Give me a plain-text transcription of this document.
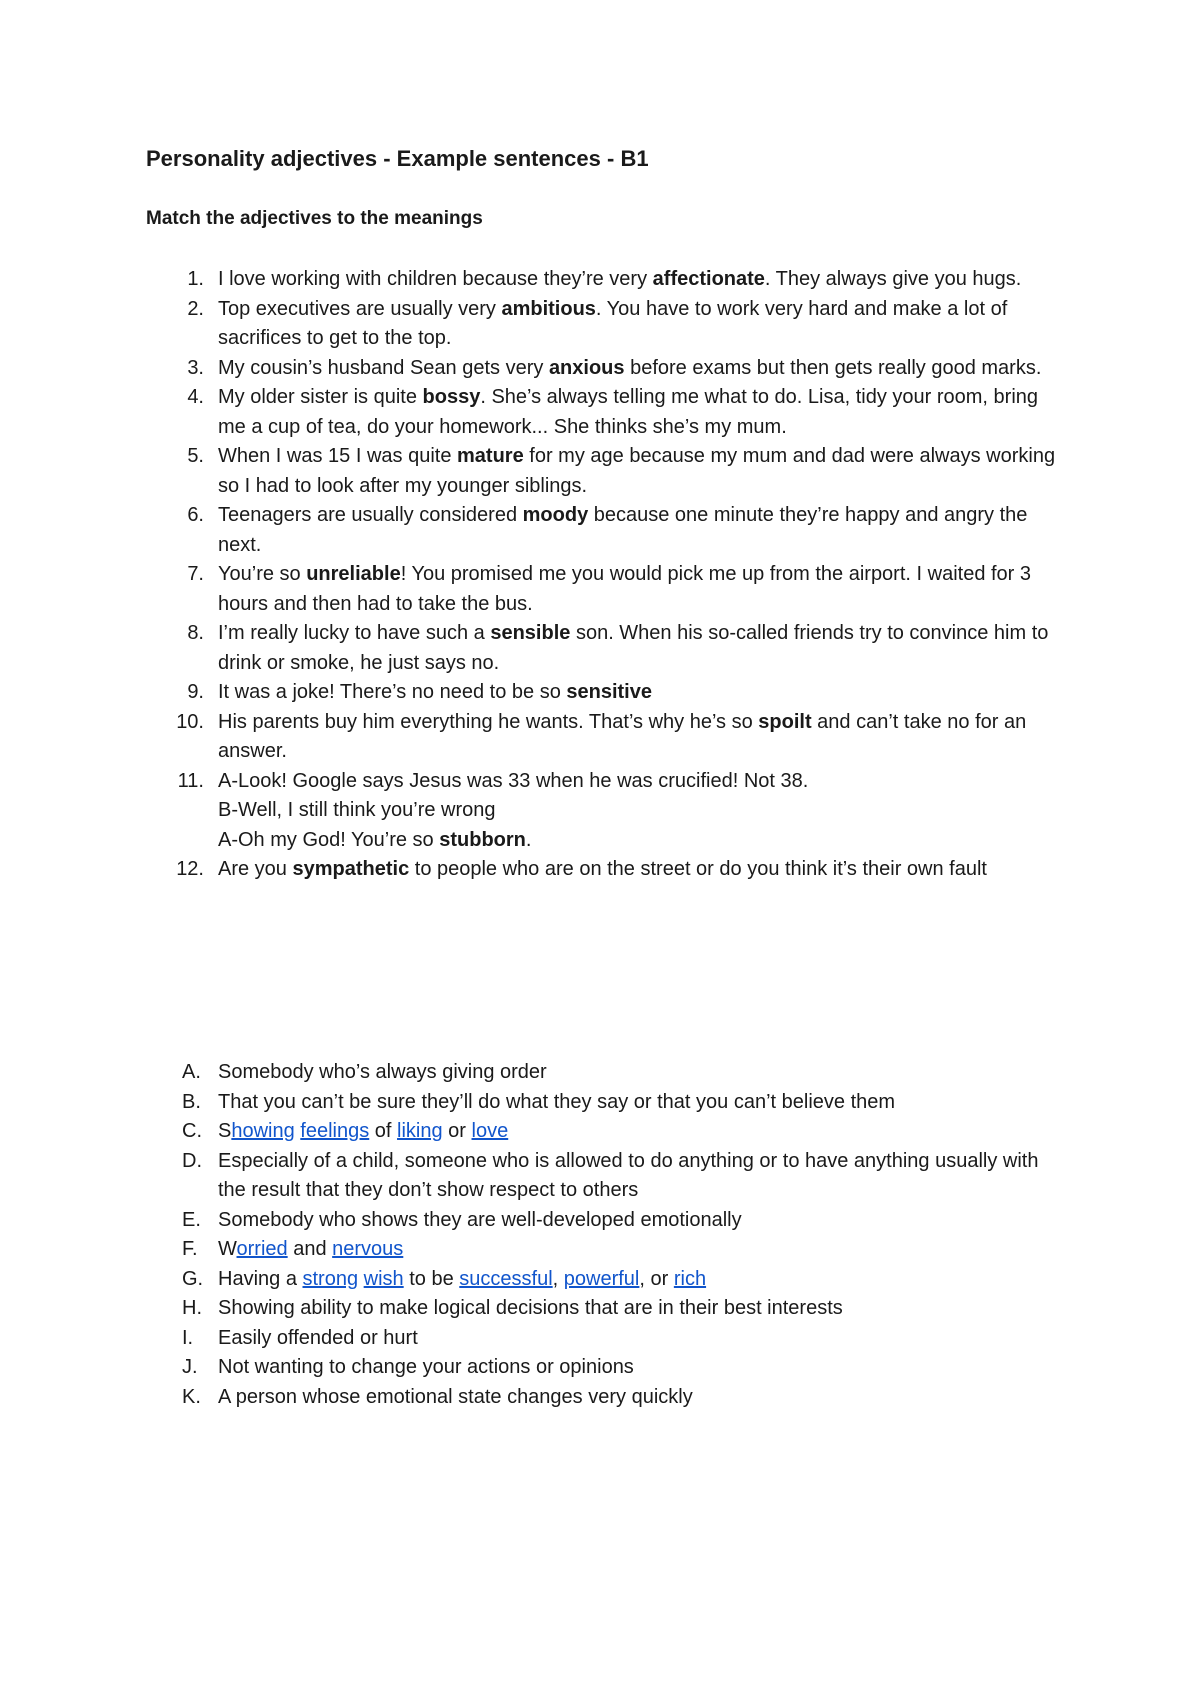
Personality adjectives - Example sentences - B1
Match the adjectives to the meanings
1. I love working with children because they’re very affectionate. They always give you hugs.
2. Top executives are usually very ambitious. You have to work very hard and make a lot of sacrifices to get to the top.
3. My cousin’s husband Sean gets very anxious before exams but then gets really good marks.
4. My older sister is quite bossy. She’s always telling me what to do. Lisa, tidy your room, bring me a cup of tea, do your homework... She thinks she’s my mum.
5. When I was 15 I was quite mature for my age because my mum and dad were always working so I had to look after my younger siblings.
6. Teenagers are usually considered moody because one minute they’re happy and angry the next.
7. You’re so unreliable! You promised me you would pick me up from the airport. I waited for 3 hours and then had to take the bus.
8. I’m really lucky to have such a sensible son. When his so-called friends try to convince him to drink or smoke, he just says no.
9. It was a joke! There’s no need to be so sensitive
10. His parents buy him everything he wants. That’s why he’s so spoilt and can’t take no for an answer.
11. A-Look! Google says Jesus was 33 when he was crucified! Not 38.
B-Well, I still think you’re wrong
A-Oh my God! You’re so stubborn.
12. Are you sympathetic to people who are on the street or do you think it’s their own fault
A. Somebody who’s always giving order
B. That you can’t be sure they’ll do what they say or that you can’t believe them
C. Showing feelings of liking or love
D. Especially of a child, someone who is allowed to do anything or to have anything usually with the result that they don’t show respect to others
E. Somebody who shows they are well-developed emotionally
F. Worried and nervous
G. Having a strong wish to be successful, powerful, or rich
H. Showing ability to make logical decisions that are in their best interests
I. Easily offended or hurt
J. Not wanting to change your actions or opinions
K. A person whose emotional state changes very quickly
